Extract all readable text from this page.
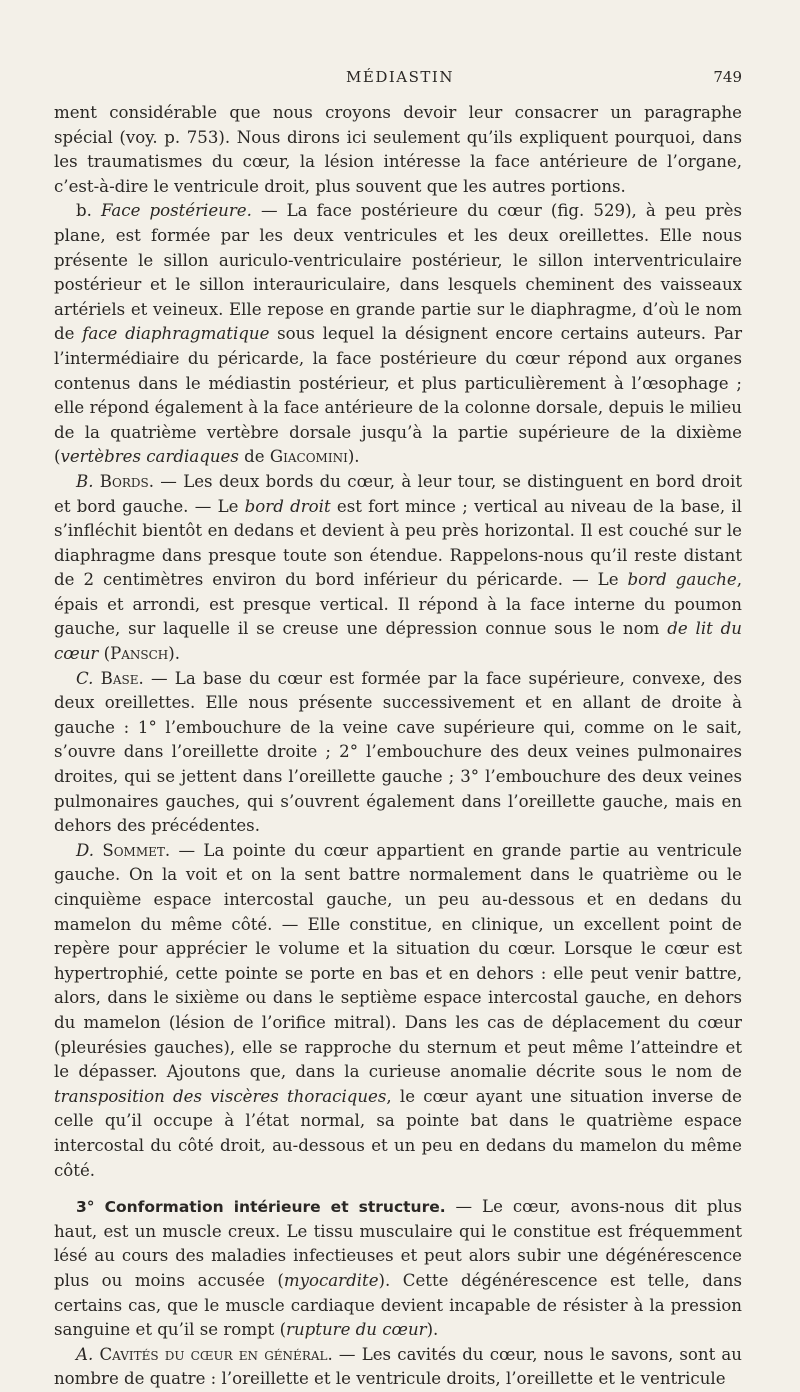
MÉDIASTIN	749

ment considérable que nous croyons devoir leur consacrer un paragraphe spécial (voy. p. 753). Nous dirons ici seulement qu’ils expliquent pourquoi, dans les traumatismes du cœur, la lésion intéresse la face antérieure de l’organe, c’est-à-dire le ventricule droit, plus souvent que les autres portions.

b. Face postérieure. — La face postérieure du cœur (fig. 529), à peu près plane, est formée par les deux ventricules et les deux oreillettes. Elle nous présente le sillon auriculo-ventriculaire postérieur, le sillon interventriculaire postérieur et le sillon interauriculaire, dans lesquels cheminent des vaisseaux artériels et veineux. Elle repose en grande partie sur le diaphragme, d’où le nom de face diaphragmatique sous lequel la désignent encore certains auteurs. Par l’intermédiaire du péricarde, la face postérieure du cœur répond aux organes contenus dans le médiastin postérieur, et plus particulièrement à l’œsophage ; elle répond également à la face antérieure de la colonne dorsale, depuis le milieu de la quatrième vertèbre dorsale jusqu’à la partie supérieure de la dixième (vertèbres cardiaques de Giacomini).

B. Bords. — Les deux bords du cœur, à leur tour, se distinguent en bord droit et bord gauche. — Le bord droit est fort mince ; vertical au niveau de la base, il s’infléchit bientôt en dedans et devient à peu près horizontal. Il est couché sur le diaphragme dans presque toute son étendue. Rappelons-nous qu’il reste distant de 2 centimètres environ du bord inférieur du péricarde. — Le bord gauche, épais et arrondi, est presque vertical. Il répond à la face interne du poumon gauche, sur laquelle il se creuse une dépression connue sous le nom de lit du cœur (Pansch).

C. Base. — La base du cœur est formée par la face supérieure, convexe, des deux oreillettes. Elle nous présente successivement et en allant de droite à gauche : 1° l’embouchure de la veine cave supérieure qui, comme on le sait, s’ouvre dans l’oreillette droite ; 2° l’embouchure des deux veines pulmonaires droites, qui se jettent dans l’oreillette gauche ; 3° l’embouchure des deux veines pulmonaires gauches, qui s’ouvrent également dans l’oreillette gauche, mais en dehors des précédentes.

D. Sommet. — La pointe du cœur appartient en grande partie au ventricule gauche. On la voit et on la sent battre normalement dans le quatrième ou le cinquième espace intercostal gauche, un peu au-dessous et en dedans du mamelon du même côté. — Elle constitue, en clinique, un excellent point de repère pour apprécier le volume et la situation du cœur. Lorsque le cœur est hypertrophié, cette pointe se porte en bas et en dehors : elle peut venir battre, alors, dans le sixième ou dans le septième espace intercostal gauche, en dehors du mamelon (lésion de l’orifice mitral). Dans les cas de déplacement du cœur (pleurésies gauches), elle se rapproche du sternum et peut même l’atteindre et le dépasser. Ajoutons que, dans la curieuse anomalie décrite sous le nom de transposition des viscères thoraciques, le cœur ayant une situation inverse de celle qu’il occupe à l’état normal, sa pointe bat dans le quatrième espace intercostal du côté droit, au-dessous et un peu en dedans du mamelon du même côté.

3° Conformation intérieure et structure. — Le cœur, avons-nous dit plus haut, est un muscle creux. Le tissu musculaire qui le constitue est fréquemment lésé au cours des maladies infectieuses et peut alors subir une dégénérescence plus ou moins accusée (myocardite). Cette dégénérescence est telle, dans certains cas, que le muscle cardiaque devient incapable de résister à la pression sanguine et qu’il se rompt (rupture du cœur).

A. Cavités du cœur en général. — Les cavités du cœur, nous le savons, sont au nombre de quatre : l’oreillette et le ventricule droits, l’oreillette et le ventricule
